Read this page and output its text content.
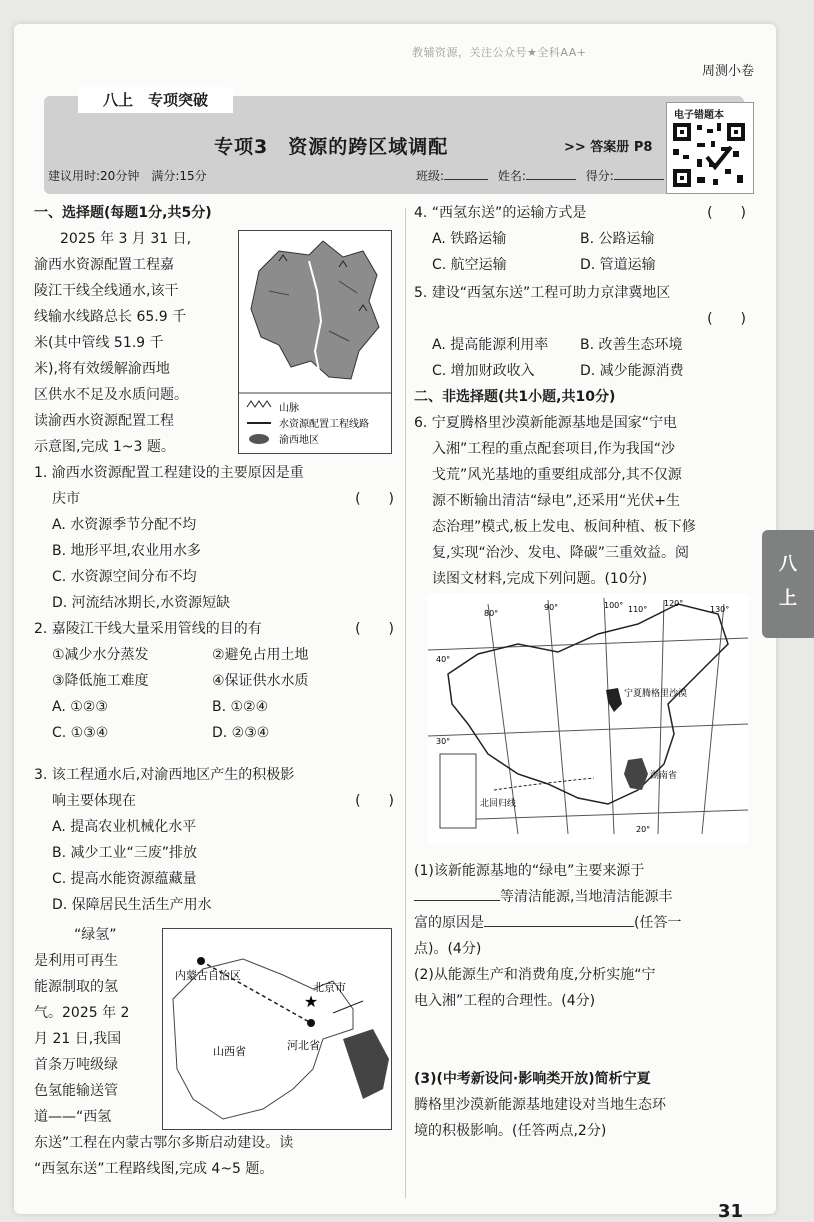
教辅资源，关注公众号★全科AA+
周测小卷
八上　专项突破
专项3　资源的跨区域调配	>> 答案册 P8
建议用时:20分钟　满分:15分	班级:	姓名:	得分:
电子错题本
一、选择题(每题1分,共5分)
2025 年 3 月 31 日,
渝西水资源配置工程嘉
陵江干线全线通水,该干
线输水线路总长 65.9 千
米(其中管线 51.9 千
米),将有效缓解渝西地
区供水不足及水质问题。
读渝西水资源配置工程
示意图,完成 1~3 题。
山脉
水资源配置工程线路
渝西地区
1. 渝西水资源配置工程建设的主要原因是重
庆市	(　　)
A. 水资源季节分配不均
B. 地形平坦,农业用水多
C. 水资源空间分布不均
D. 河流结冰期长,水资源短缺
2. 嘉陵江干线大量采用管线的目的有	(　　)
①减少水分蒸发	②避免占用土地
③降低施工难度	④保证供水水质
A. ①②③	B. ①②④
C. ①③④	D. ②③④
3. 该工程通水后,对渝西地区产生的积极影
响主要体现在	(　　)
A. 提高农业机械化水平
B. 减少工业“三废”排放
C. 提高水能资源蕴藏量
D. 保障居民生活生产用水
“绿氢”
是利用可再生
能源制取的氢
气。2025 年 2
月 21 日,我国
首条万吨级绿
色氢能输送管
道——“西氢
★
内蒙古自治区
北京市
河北省
山西省
东送”工程在内蒙古鄂尔多斯启动建设。读
“西氢东送”工程路线图,完成 4~5 题。
4. “西氢东送”的运输方式是	(　　)
A. 铁路运输	B. 公路运输
C. 航空运输	D. 管道运输
5. 建设“西氢东送”工程可助力京津冀地区
(　　)
A. 提高能源利用率	B. 改善生态环境
C. 增加财政收入	D. 减少能源消费
二、非选择题(共1小题,共10分)
6. 宁夏腾格里沙漠新能源基地是国家“宁电
入湘”工程的重点配套项目,作为我国“沙
戈荒”风光基地的重要组成部分,其不仅源
源不断输出清洁“绿电”,还采用“光伏+生
态治理”模式,板上发电、板间种植、板下修
复,实现“治沙、发电、降碳”三重效益。阅
读图文材料,完成下列问题。(10分)
80°
90°	100° 110°
120°
130°
40°
30°
20°
宁夏腾格里沙漠
湖南省
北回归线
(1)该新能源基地的“绿电”主要来源于
等清洁能源,当地清洁能源丰
富的原因是	(任答一
点)。(4分)
(2)从能源生产和消费角度,分析实施“宁
电入湘”工程的合理性。(4分)
(3)(中考新设问·影响类开放)简析宁夏
腾格里沙漠新能源基地建设对当地生态环
境的积极影响。(任答两点,2分)
八
上
31
